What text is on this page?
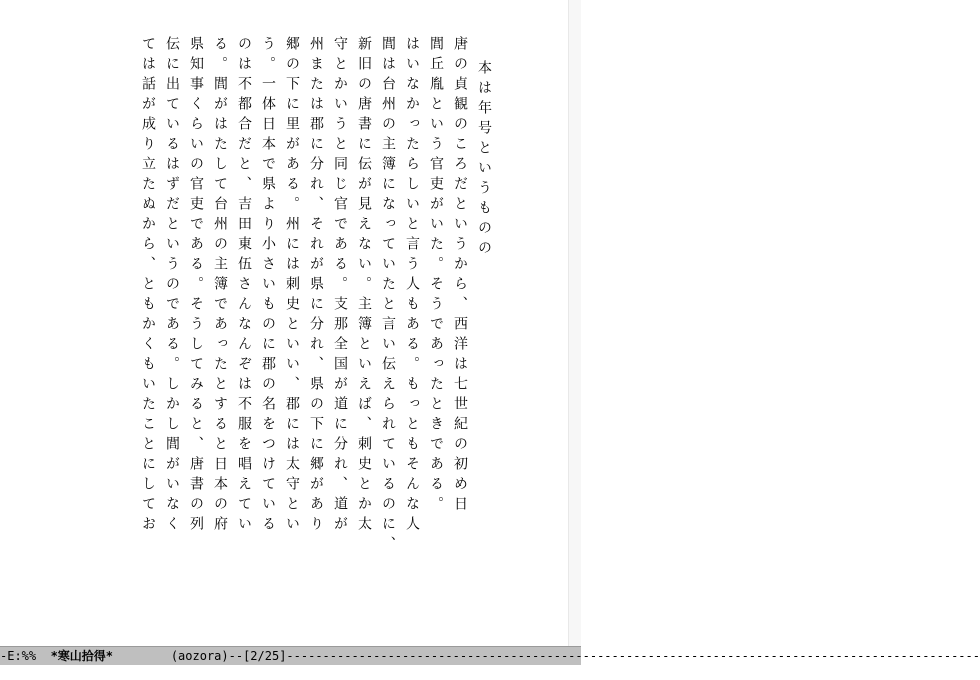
本は年号というものの
唐の貞観のころだというから、西洋は七世紀の初め日
閭丘胤という官吏がいた。そうであったときである。
はいなかったらしいと言う人もある。もっともそんな人
閭は台州の主簿になっていたと言い伝えられているのに、
新旧の唐書に伝が見えない。主簿といえば、刺史とか太
守とかいうと同じ官である。支那全国が道に分れ、道が
州または郡に分れ、それが県に分れ、県の下に郷があり
郷の下に里がある。州には刺史といい、郡には太守とい
う。一体日本で県より小さいものに郡の名をつけている
のは不都合だと、吉田東伍さんなんぞは不服を唱えてい
る。閭がはたして台州の主簿であったとすると日本の府
県知事くらいの官吏である。そうしてみると、唐書の列
伝に出ているはずだというのである。しかし閭がいなく
ては話が成り立たぬから、ともかくもいたことにしてお
-E:%%  *寒山拾得*	(aozora)--[2/25]------------------------------------------------------------------------------------------------
